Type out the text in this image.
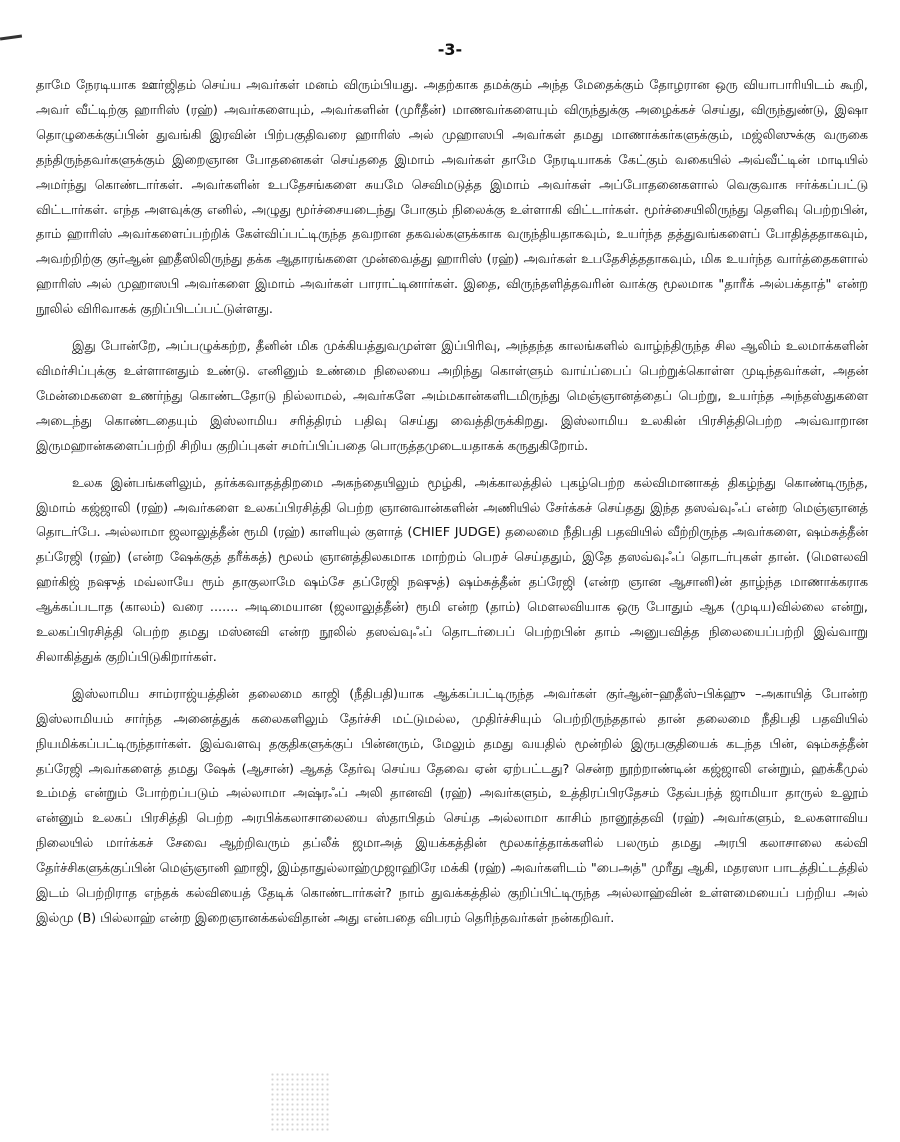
-3-

தாமே நேரடியாக ஊர்ஜிதம் செய்ய அவர்கள் மனம் விரும்பியது. அதற்காக தமக்கும் அந்த மேதைக்கும் தோழரான ஒரு வியாபாரியிடம் கூறி, அவர் வீட்டிற்கு ஹாரிஸ் (ரஹ்) அவர்களையும், அவர்களின் (முரீதீன்) மாணவர்களையும் விருந்துக்கு அழைக்கச் செய்து, விருந்துண்டு, இஷா தொழுகைக்குப்பின் துவங்கி இரவின் பிற்பகுதிவரை ஹாரிஸ் அல் முஹாஸபி அவர்கள் தமது மாணாக்கர்களுக்கும், மஜ்லிஸுக்கு வருகை தந்திருந்தவர்களுக்கும் இறைஞான போதனைகள் செய்ததை இமாம் அவர்கள் தாமே நேரடியாகக் கேட்கும் வகையில் அவ்வீட்டின் மாடியில் அமர்ந்து கொண்டார்கள். அவர்களின் உபதேசங்களை சுயமே செவிமடுத்த இமாம் அவர்கள் அப்போதனைகளால் வெகுவாக ஈர்க்கப்பட்டு விட்டார்கள். எந்த அளவுக்கு எனில், அழுது மூர்ச்சையடைந்து போகும் நிலைக்கு உள்ளாகி விட்டார்கள். மூர்ச்சையிலிருந்து தெளிவு பெற்றபின், தாம் ஹாரிஸ் அவர்களைப்பற்றிக் கேள்விப்பட்டிருந்த தவறான தகவல்களுக்காக வருந்தியதாகவும், உயர்ந்த தத்துவங்களைப் போதித்ததாகவும், அவற்றிற்கு குர்ஆன் ஹதீஸிலிருந்து தக்க ஆதாரங்களை முன்வைத்து ஹாரிஸ் (ரஹ்) அவர்கள் உபதேசித்ததாகவும், மிக உயர்ந்த வார்த்தைகளால் ஹாரிஸ் அல் முஹாஸபி அவர்களை இமாம் அவர்கள் பாராட்டினார்கள். இதை, விருந்தளித்தவரின் வாக்கு மூலமாக "தாரீக் அல்பக்தாத்" என்ற நூலில் விரிவாகக் குறிப்பிடப்பட்டுள்ளது.

இது போன்றே, அப்பழுக்கற்ற, தீனின் மிக முக்கியத்துவமுள்ள இப்பிரிவு, அந்தந்த காலங்களில் வாழ்ந்திருந்த சில ஆலிம் உலமாக்களின் விமர்சிப்புக்கு உள்ளானதும் உண்டு. எனினும் உண்மை நிலையை அறிந்து கொள்ளும் வாய்ப்பைப் பெற்றுக்கொள்ள முடிந்தவர்கள், அதன் மேன்மைகளை உணர்ந்து கொண்டதோடு நில்லாமல், அவர்களே அம்மகான்களிடமிருந்து மெஞ்ஞானத்தைப் பெற்று, உயர்ந்த அந்தஸ்துகளை அடைந்து கொண்டதையும் இஸ்லாமிய சரித்திரம் பதிவு செய்து வைத்திருக்கிறது. இஸ்லாமிய உலகின் பிரசித்திபெற்ற அவ்வாறான இருமஹான்களைப்பற்றி சிறிய குறிப்புகள் சமர்ப்பிப்பதை பொருத்தமுடையதாகக் கருதுகிறோம்.

உலக இன்பங்களிலும், தர்க்கவாதத்திறமை அகந்தையிலும் மூழ்கி, அக்காலத்தில் புகழ்பெற்ற கல்விமானாகத் திகழ்ந்து கொண்டிருந்த, இமாம் கஜ்ஜாலி (ரஹ்) அவர்களை உலகப்பிரசித்தி பெற்ற ஞானவான்களின் அணியில் சேர்க்கச் செய்தது இந்த தஸவ்வுஃப் என்ற மெஞ்ஞானத் தொடர்பே. அல்லாமா ஜலாலுத்தீன் ரூமி (ரஹ்) காளியுல் குளாத் (CHIEF JUDGE) தலைமை நீதிபதி பதவியில் வீற்றிருந்த அவர்களை, ஷம்சுத்தீன் தப்ரேஜி (ரஹ்) (என்ற ஷேக்குத் தரீக்கத்) மூலம் ஞானத்திலகமாக மாற்றம் பெறச் செய்ததும், இதே தஸவ்வுஃப் தொடர்புகள் தான். (மௌலவி ஹர்கிஜ் நஷுத் மவ்லாயே ரூம் தாகுலாமே ஷம்சே தப்ரேஜி நஷுத்) ஷம்சுத்தீன் தப்ரேஜி (என்ற ஞான ஆசானி)ன் தாழ்ந்த மாணாக்கராக ஆக்கப்படாத (காலம்) வரை ....... அடிமையான (ஜலாலுத்தீன்) ரூமி என்ற (தாம்) மௌலவியாக ஒரு போதும் ஆக (முடிய)வில்லை என்று, உலகப்பிரசித்தி பெற்ற தமது மஸ்னவி என்ற நூலில் தஸவ்வுஃப் தொடர்பைப் பெற்றபின் தாம் அனுபவித்த நிலையைப்பற்றி இவ்வாறு சிலாகித்துக் குறிப்பிடுகிறார்கள்.

இஸ்லாமிய சாம்ராஜ்யத்தின் தலைமை காஜி (நீதிபதி)யாக ஆக்கப்பட்டிருந்த அவர்கள் குர்ஆன்–ஹதீஸ்–பிக்ஹு –அகாயித் போன்ற இஸ்லாமியம் சார்ந்த அனைத்துக் கலைகளிலும் தேர்ச்சி மட்டுமல்ல, முதிர்ச்சியும் பெற்றிருந்ததால் தான் தலைமை நீதிபதி பதவியில் நியமிக்கப்பட்டிருந்தார்கள். இவ்வளவு தகுதிகளுக்குப் பின்னரும், மேலும் தமது வயதில் மூன்றில் இருபகுதியைக் கடந்த பின், ஷம்சுத்தீன் தப்ரேஜி அவர்களைத் தமது ஷேக் (ஆசான்) ஆகத் தேர்வு செய்ய தேவை ஏன் ஏற்பட்டது? சென்ற நூற்றாண்டின் கஜ்ஜாலி என்றும், ஹக்கீமுல் உம்மத் என்றும் போற்றப்படும் அல்லாமா அஷ்ரஃப் அலி தானவி (ரஹ்) அவர்களும், உத்திரப்பிரதேசம் தேவ்பந்த் ஜாமியா தாருல் உலூம் என்னும் உலகப் பிரசித்தி பெற்ற அரபிக்கலாசாலையை ஸ்தாபிதம் செய்த அல்லாமா காசிம் நானூத்தவி (ரஹ்) அவர்களும், உலகளாவிய நிலையில் மார்க்கச் சேவை ஆற்றிவரும் தப்லீக் ஜமாஅத் இயக்கத்தின் மூலகர்த்தாக்களில் பலரும் தமது அரபி கலாசாலை கல்வி தேர்ச்சிகளுக்குப்பின் மெஞ்ஞானி ஹாஜி, இம்தாதுல்லாஹ்முஜாஹிரே மக்கி (ரஹ்) அவர்களிடம் "பைஅத்" முரீது ஆகி, மதரஸா பாடத்திட்டத்தில் இடம் பெற்றிராத எந்தக் கல்வியைத் தேடிக் கொண்டார்கள்? நாம் துவக்கத்தில் குறிப்பிட்டிருந்த அல்லாஹ்வின் உள்ளமையைப் பற்றிய அல் இல்மு (B) பில்லாஹ் என்ற இறைஞானக்கல்விதான் அது என்பதை விபரம் தெரிந்தவர்கள் நன்கறிவர்.
